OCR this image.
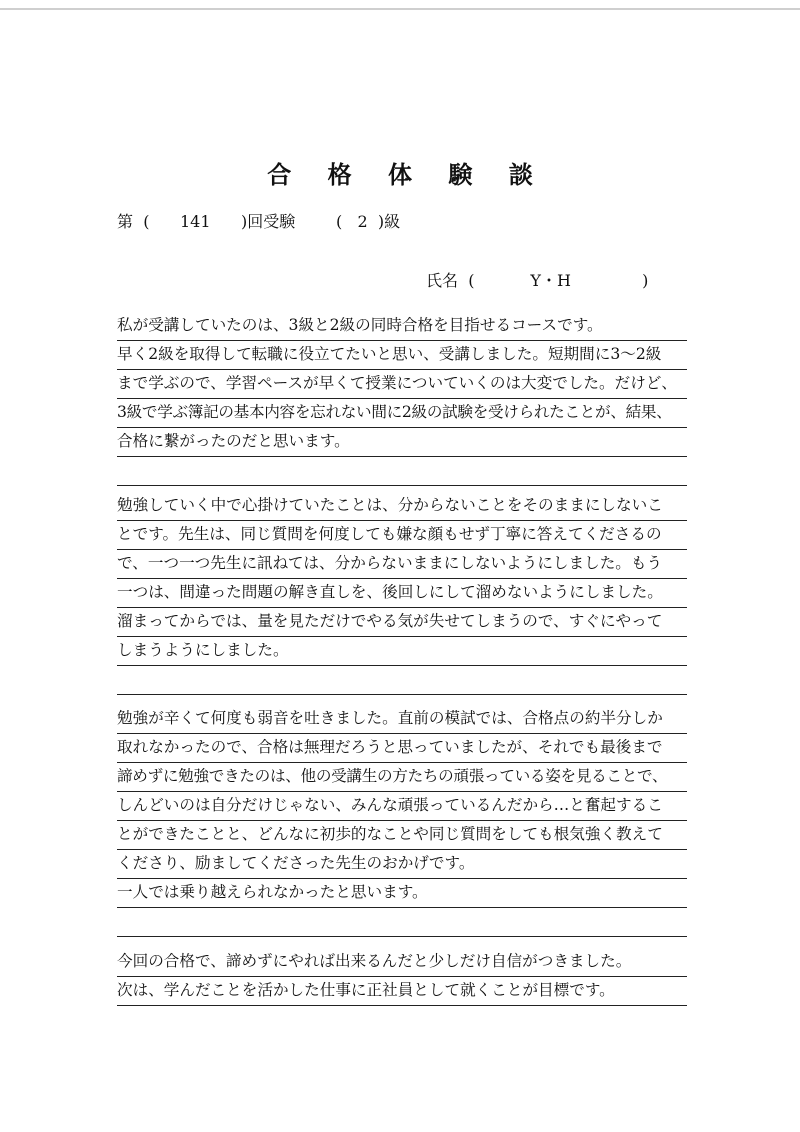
合 格 体 験 談
第 ( 141 )回受験	( 2 )級
氏名 (	Y・H	)
私が受講していたのは、3級と2級の同時合格を目指せるコースです。
早く2級を取得して転職に役立てたいと思い、受講しました。短期間に3～2級
まで学ぶので、学習ペースが早くて授業についていくのは大変でした。だけど、
3級で学ぶ簿記の基本内容を忘れない間に2級の試験を受けられたことが、結果、
合格に繋がったのだと思います。
勉強していく中で心掛けていたことは、分からないことをそのままにしないこ
とです。先生は、同じ質問を何度しても嫌な顔もせず丁寧に答えてくださるの
で、一つ一つ先生に訊ねては、分からないままにしないようにしました。もう
一つは、間違った問題の解き直しを、後回しにして溜めないようにしました。
溜まってからでは、量を見ただけでやる気が失せてしまうので、すぐにやって
しまうようにしました。
勉強が辛くて何度も弱音を吐きました。直前の模試では、合格点の約半分しか
取れなかったので、合格は無理だろうと思っていましたが、それでも最後まで
諦めずに勉強できたのは、他の受講生の方たちの頑張っている姿を見ることで、
しんどいのは自分だけじゃない、みんな頑張っているんだから…と奮起するこ
とができたことと、どんなに初歩的なことや同じ質問をしても根気強く教えて
くださり、励ましてくださった先生のおかげです。
一人では乗り越えられなかったと思います。
今回の合格で、諦めずにやれば出来るんだと少しだけ自信がつきました。
次は、学んだことを活かした仕事に正社員として就くことが目標です。
